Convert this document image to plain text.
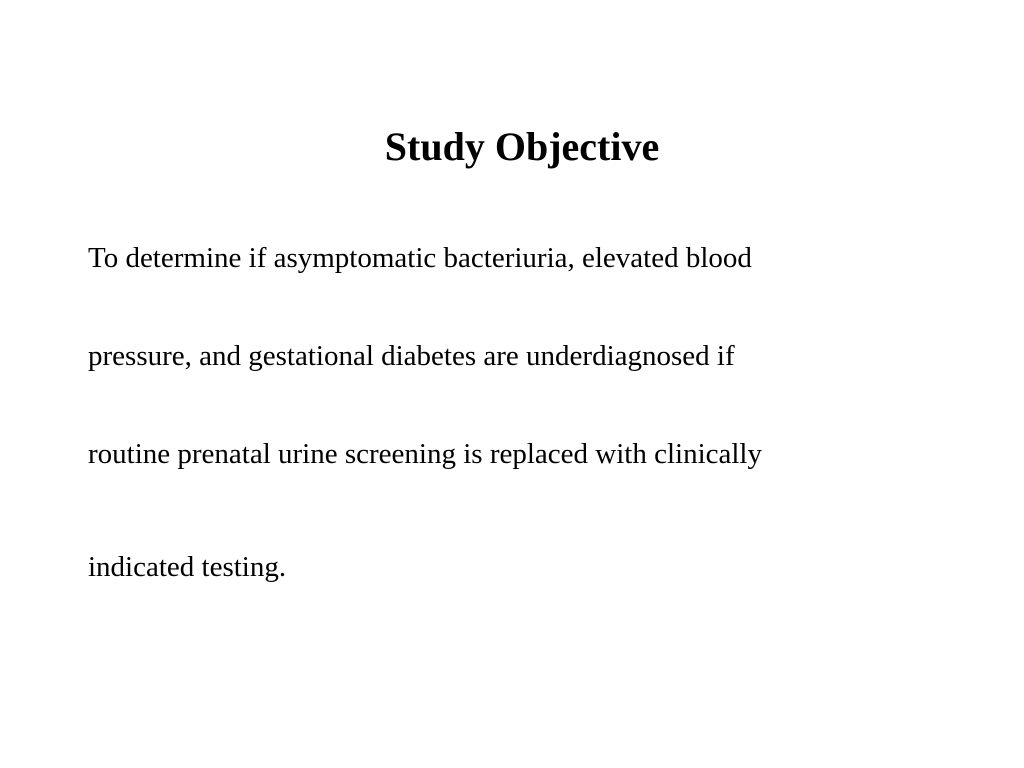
Study Objective

To determine if asymptomatic bacteriuria, elevated blood

pressure, and gestational diabetes are underdiagnosed if

routine prenatal urine screening is replaced with clinically

indicated testing.
